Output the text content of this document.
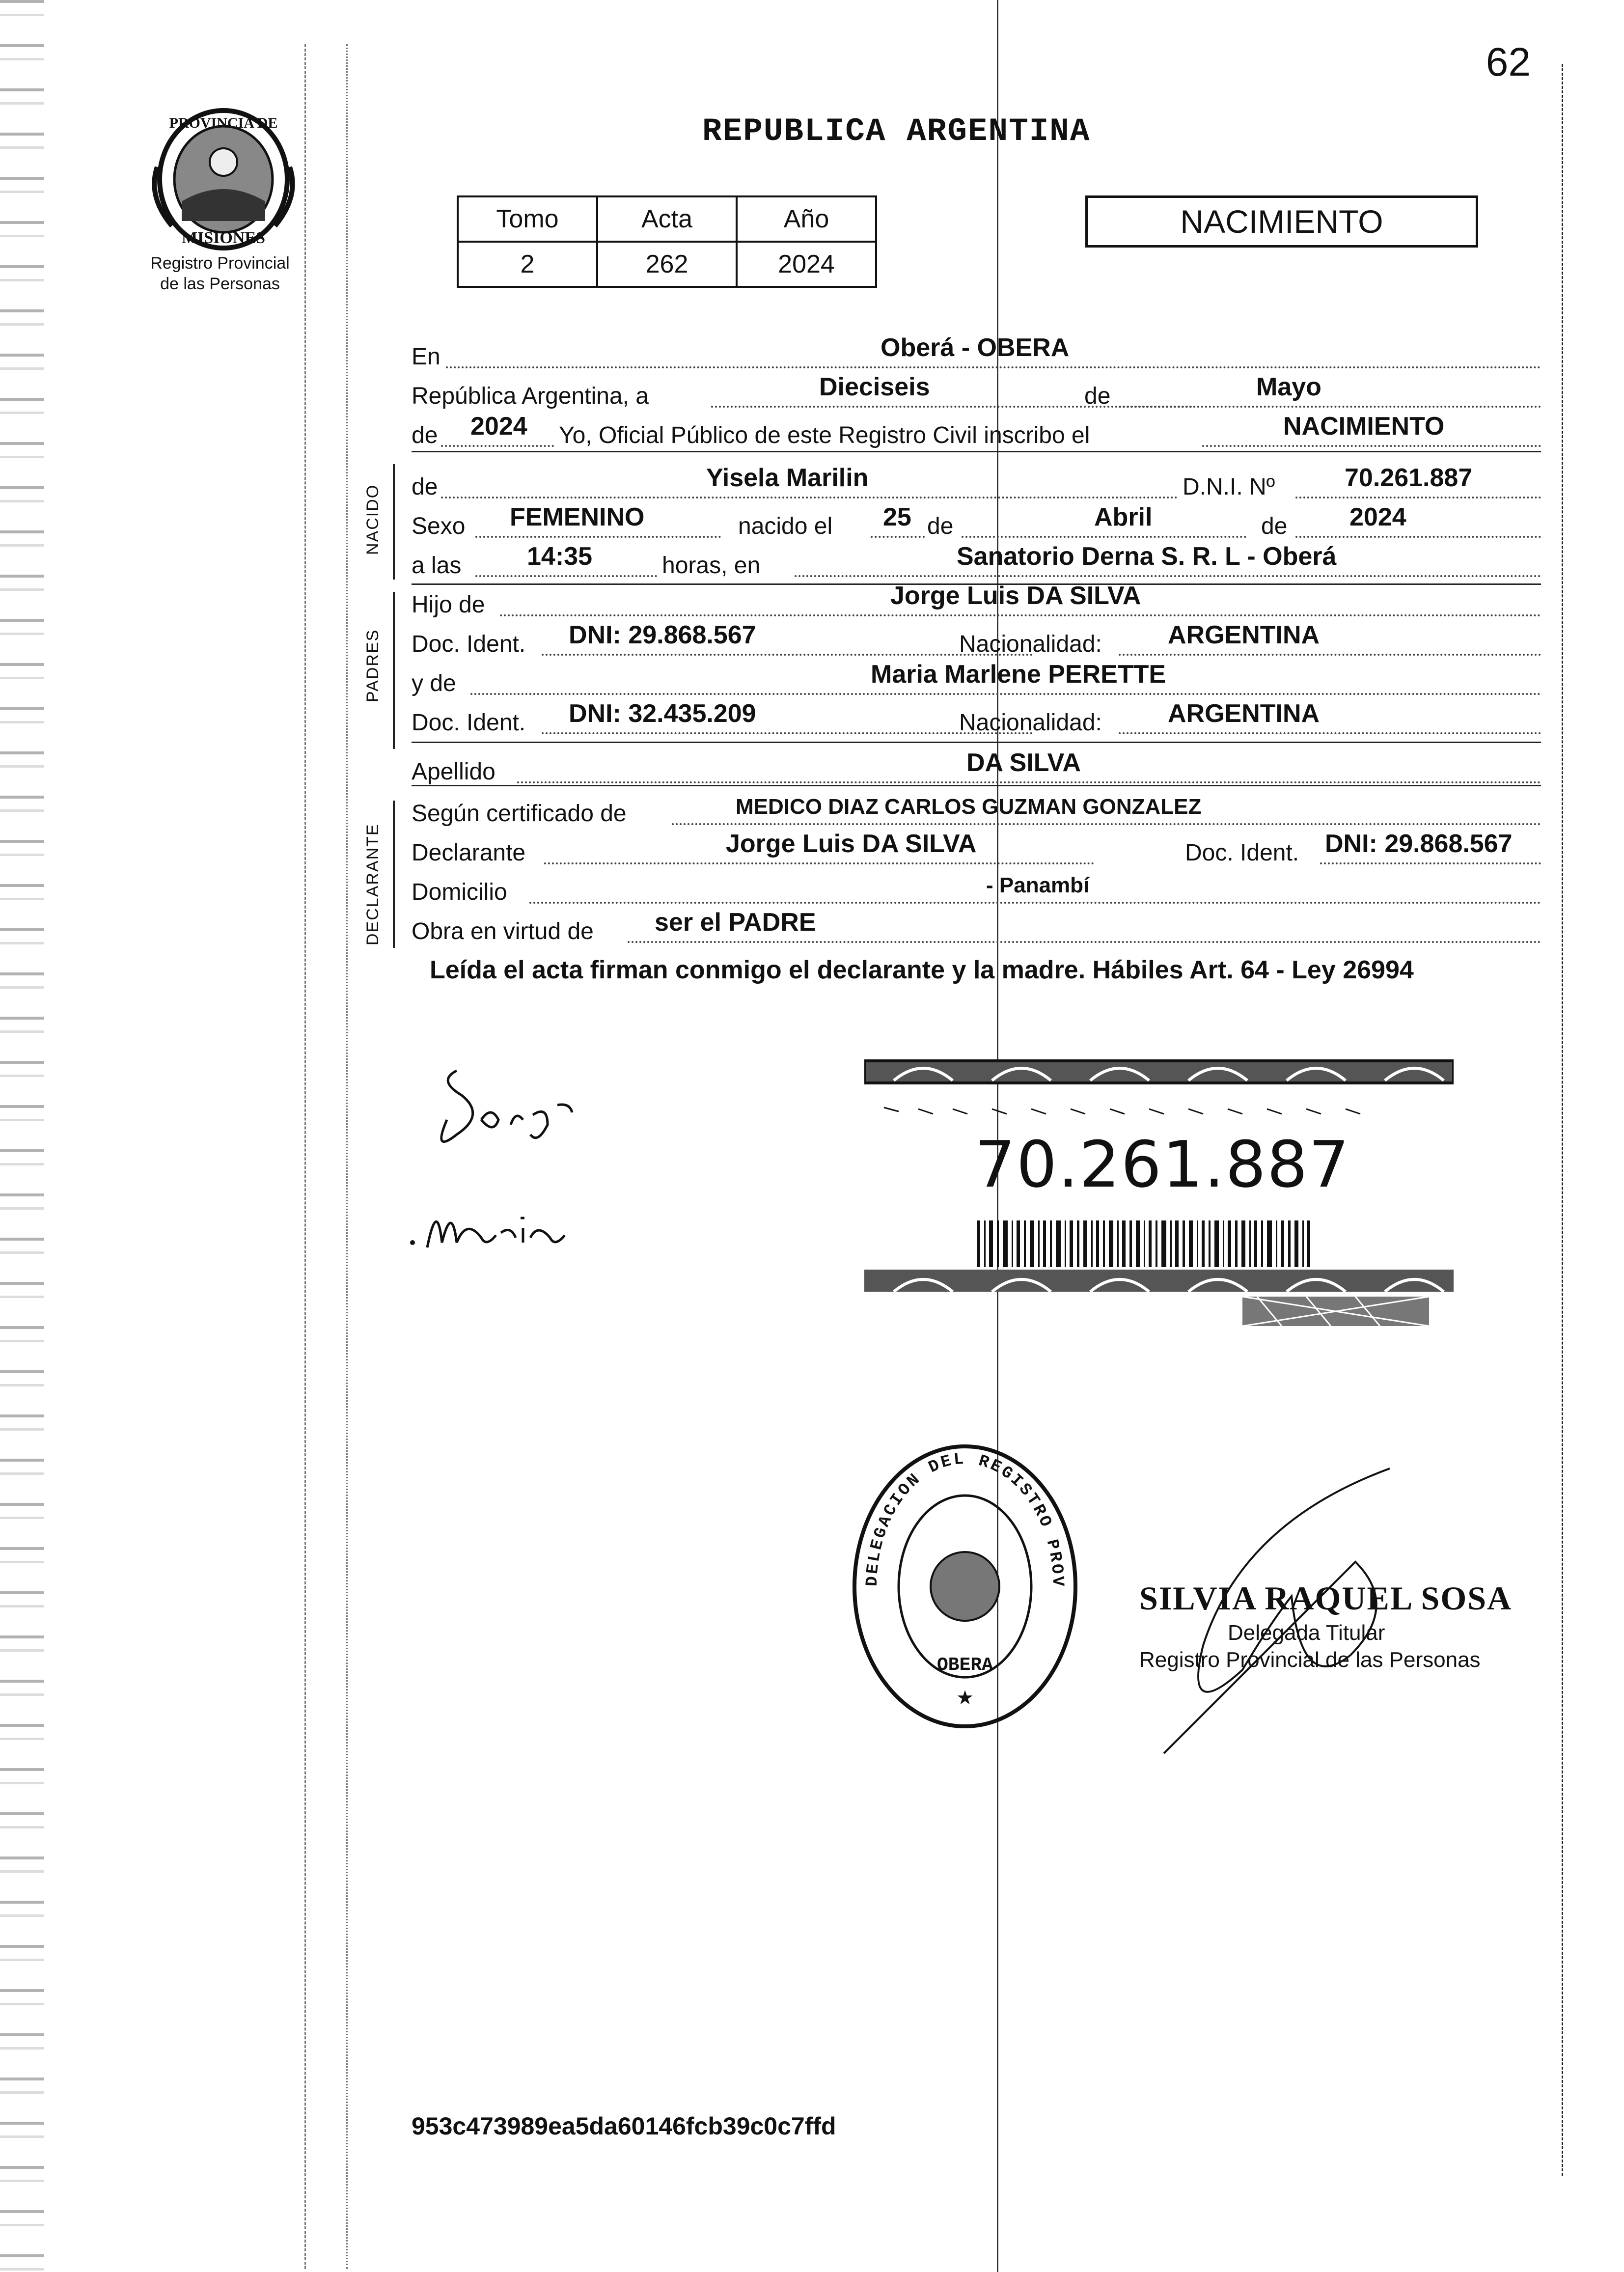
62
PROVINCIA DE
MISIONES
Registro Provincial
de las Personas
REPUBLICA ARGENTINA
Tomo	Acta	Año
2	262	2024
NACIMIENTO
En	Oberá - OBERA
República Argentina, a	Dieciseis	de	Mayo
de 2024 Yo, Oficial Público de este Registro Civil inscribo el	NACIMIENTO
NACIDO de	Yisela Marilin	D.N.I. Nº	70.261.887
Sexo FEMENINO	nacido el 25 de	Abril	de 2024
a las	14:35	horas, en	Sanatorio Derna S. R. L - Oberá
PADRES
Hijo de	Jorge Luis DA SILVA
Doc. Ident. DNI: 29.868.567	Nacionalidad:	ARGENTINA
y de	Maria Marlene PERETTE
Doc. Ident. DNI: 32.435.209	Nacionalidad:	ARGENTINA
Apellido	DA SILVA
DECLARANTE
Según certificado de	MEDICO DIAZ CARLOS GUZMAN GONZALEZ
Declarante	Jorge Luis DA SILVA	Doc. Ident. DNI: 29.868.567
Domicilio	- Panambí
Obra en virtud de ser el PADRE
Leída el acta firman conmigo el declarante y la madre. Hábiles Art. 64 - Ley 26994
70.261.887
DELEGACION DEL REGISTRO PROV
OBERA
★
SILVIA RAQUEL SOSA
Delegada Titular
Registro Provincial de las Personas
953c473989ea5da60146fcb39c0c7ffd
